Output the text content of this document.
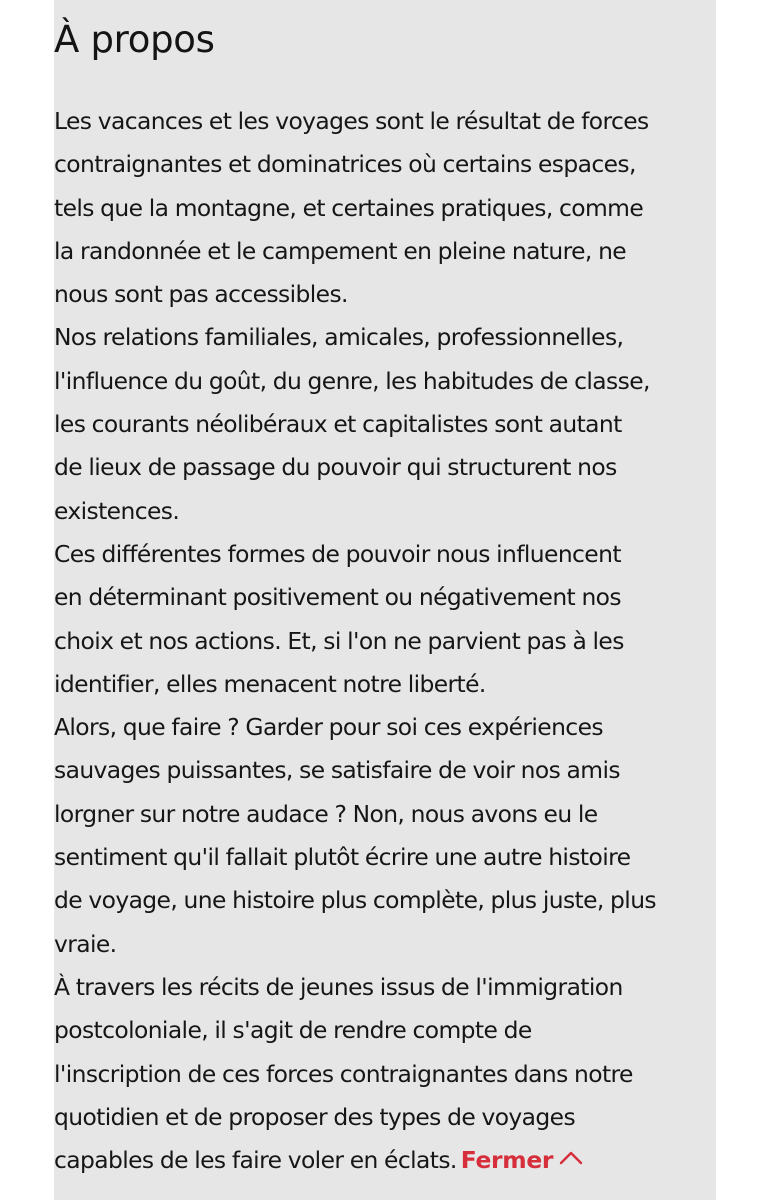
À propos

Les vacances et les voyages sont le résultat de forces

contraignantes et dominatrices où certains espaces,

tels que la montagne, et certaines pratiques, comme

la randonnée et le campement en pleine nature, ne

nous sont pas accessibles.

Nos relations familiales, amicales, professionnelles,

l'influence du goût, du genre, les habitudes de classe,

les courants néolibéraux et capitalistes sont autant

de lieux de passage du pouvoir qui structurent nos

existences.

Ces différentes formes de pouvoir nous influencent

en déterminant positivement ou négativement nos

choix et nos actions. Et, si l'on ne parvient pas à les

identifier, elles menacent notre liberté.

Alors, que faire ? Garder pour soi ces expériences

sauvages puissantes, se satisfaire de voir nos amis

lorgner sur notre audace ? Non, nous avons eu le

sentiment qu'il fallait plutôt écrire une autre histoire

de voyage, une histoire plus complète, plus juste, plus

vraie.

À travers les récits de jeunes issus de l'immigration

postcoloniale, il s'agit de rendre compte de

l'inscription de ces forces contraignantes dans notre

quotidien et de proposer des types de voyages

capables de les faire voler en éclats. Fermer
